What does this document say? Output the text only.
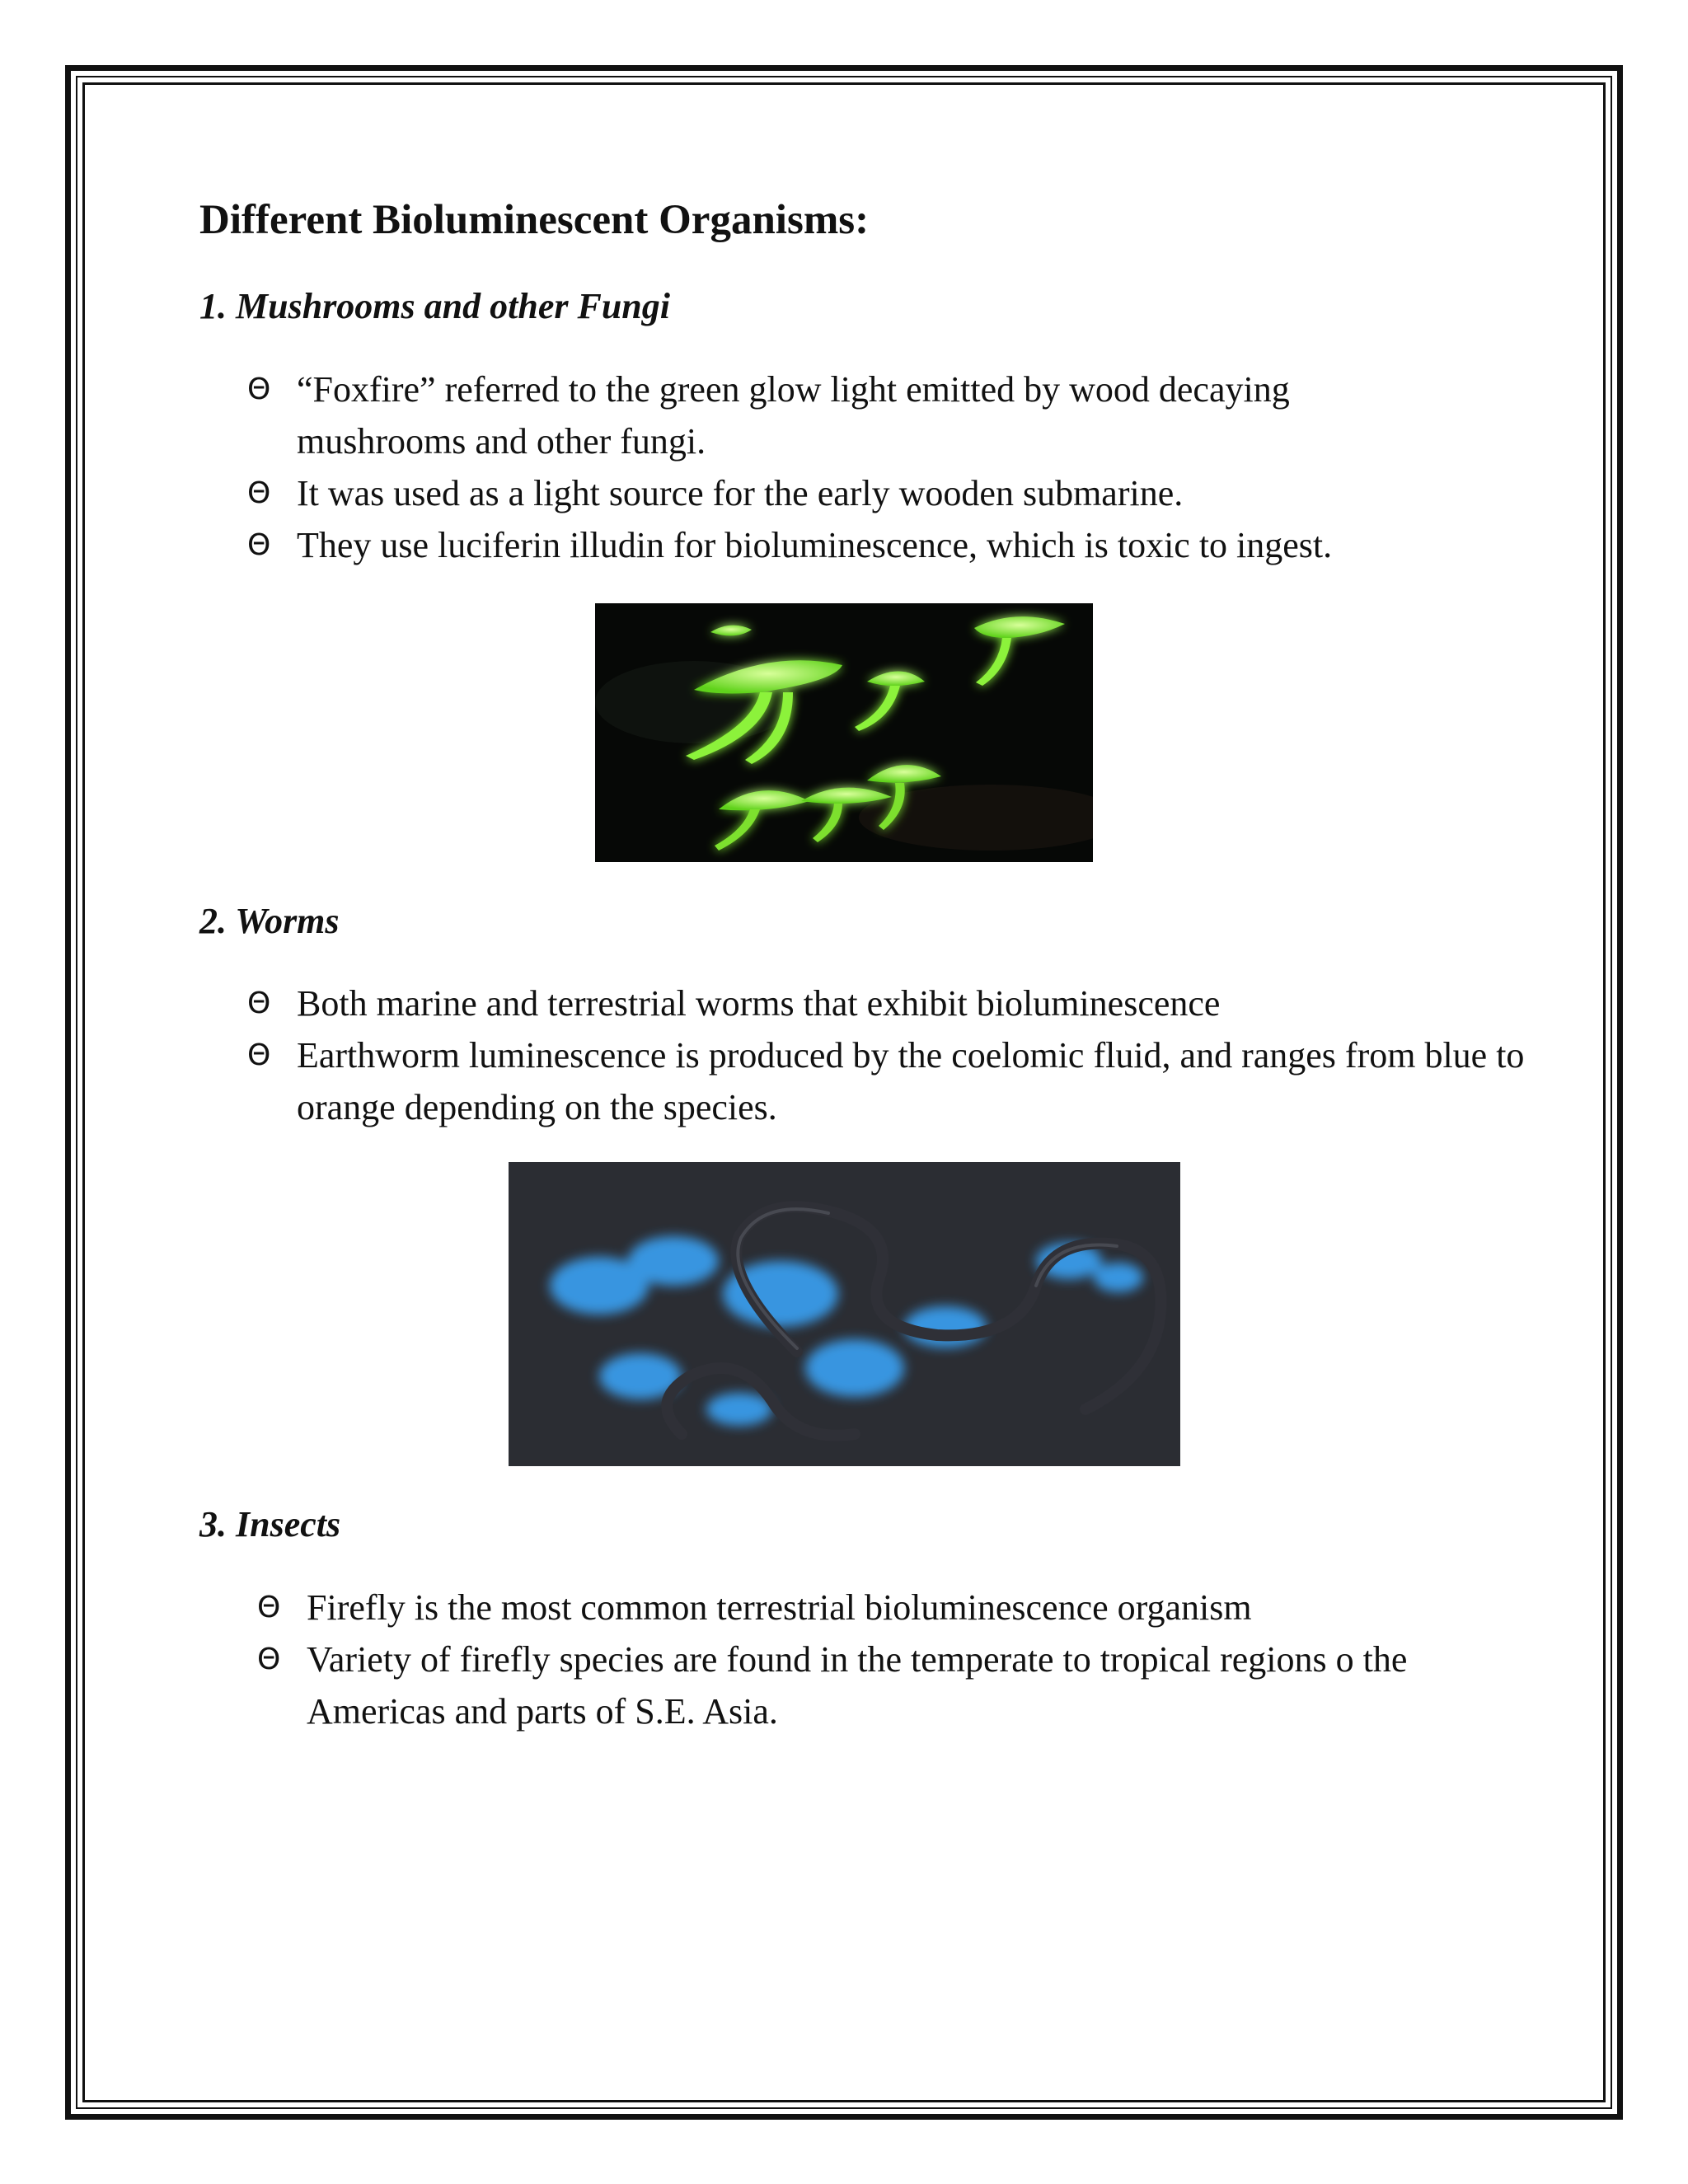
Different Bioluminescent Organisms:
1. Mushrooms and other Fungi
Θ “Foxfire” referred to the green glow light emitted by wood decaying mushrooms and other fungi.
Θ It was used as a light source for the early wooden submarine.
Θ They use luciferin illudin for bioluminescence, which is toxic to ingest.
2. Worms
Θ Both marine and terrestrial worms that exhibit bioluminescence
Θ Earthworm luminescence is produced by the coelomic fluid, and ranges from blue to orange depending on the species.
3. Insects
Θ Firefly is the most common terrestrial bioluminescence organism
Θ Variety of firefly species are found in the temperate to tropical regions o the Americas and parts of S.E. Asia.
